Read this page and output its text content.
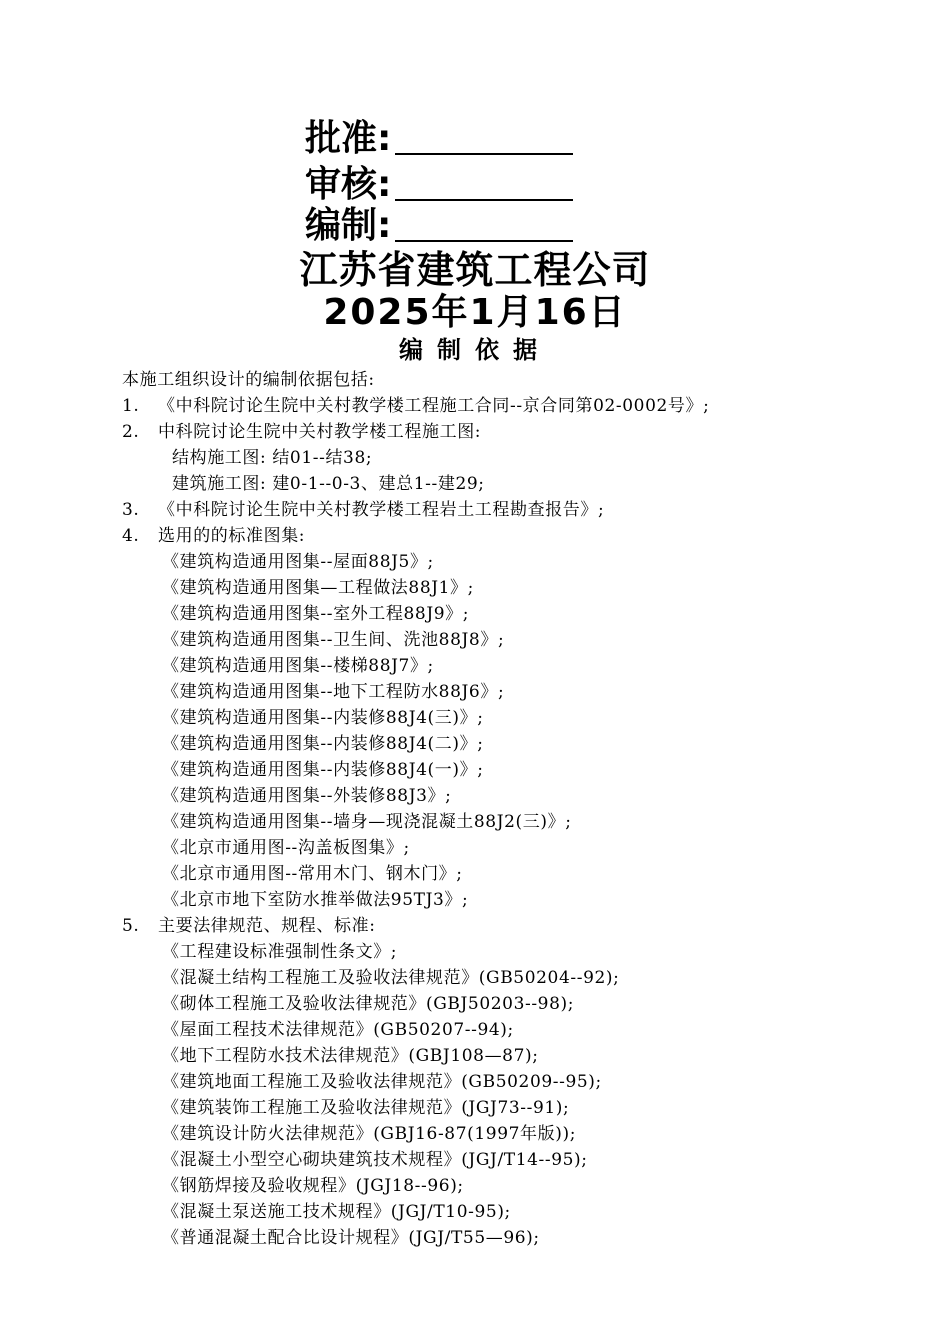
批准:
审核:
编制:
江苏省建筑工程公司
2025年1月16日
编制依据
本施工组织设计的编制依据包括:
1. 《中科院讨论生院中关村教学楼工程施工合同--京合同第02-0002号》;
2. 中科院讨论生院中关村教学楼工程施工图:
结构施工图: 结01--结38;
建筑施工图: 建0-1--0-3、建总1--建29;
3. 《中科院讨论生院中关村教学楼工程岩土工程勘查报告》;
4. 选用的的标准图集:
《建筑构造通用图集--屋面88J5》;
《建筑构造通用图集—工程做法88J1》;
《建筑构造通用图集--室外工程88J9》;
《建筑构造通用图集--卫生间、洗池88J8》;
《建筑构造通用图集--楼梯88J7》;
《建筑构造通用图集--地下工程防水88J6》;
《建筑构造通用图集--内装修88J4(三)》;
《建筑构造通用图集--内装修88J4(二)》;
《建筑构造通用图集--内装修88J4(一)》;
《建筑构造通用图集--外装修88J3》;
《建筑构造通用图集--墙身—现浇混凝土88J2(三)》;
《北京市通用图--沟盖板图集》;
《北京市通用图--常用木门、钢木门》;
《北京市地下室防水推举做法95TJ3》;
5. 主要法律规范、规程、标准:
《工程建设标准强制性条文》;
《混凝土结构工程施工及验收法律规范》(GB50204--92);
《砌体工程施工及验收法律规范》(GBJ50203--98);
《屋面工程技术法律规范》(GB50207--94);
《地下工程防水技术法律规范》(GBJ108—87);
《建筑地面工程施工及验收法律规范》(GB50209--95);
《建筑装饰工程施工及验收法律规范》(JGJ73--91);
《建筑设计防火法律规范》(GBJ16-87(1997年版));
《混凝土小型空心砌块建筑技术规程》(JGJ/T14--95);
《钢筋焊接及验收规程》(JGJ18--96);
《混凝土泵送施工技术规程》(JGJ/T10-95);
《普通混凝土配合比设计规程》(JGJ/T55—96);
